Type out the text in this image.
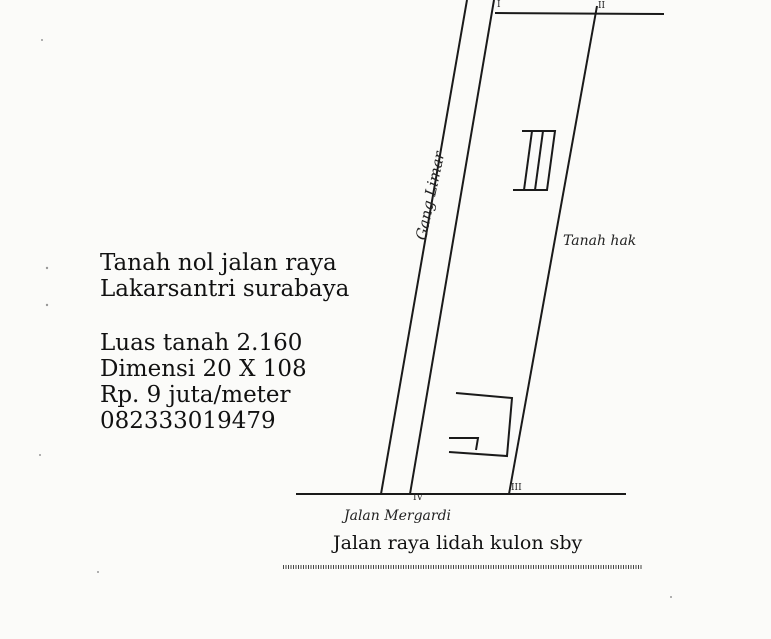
I	II
III
IV
Gang Limar	Tanah hak
Jalan Mergardi
Tanah nol jalan raya
Lakarsantri surabaya
Luas tanah 2.160
Dimensi 20 X 108
Rp. 9 juta/meter
082333019479
Jalan raya lidah kulon sby
